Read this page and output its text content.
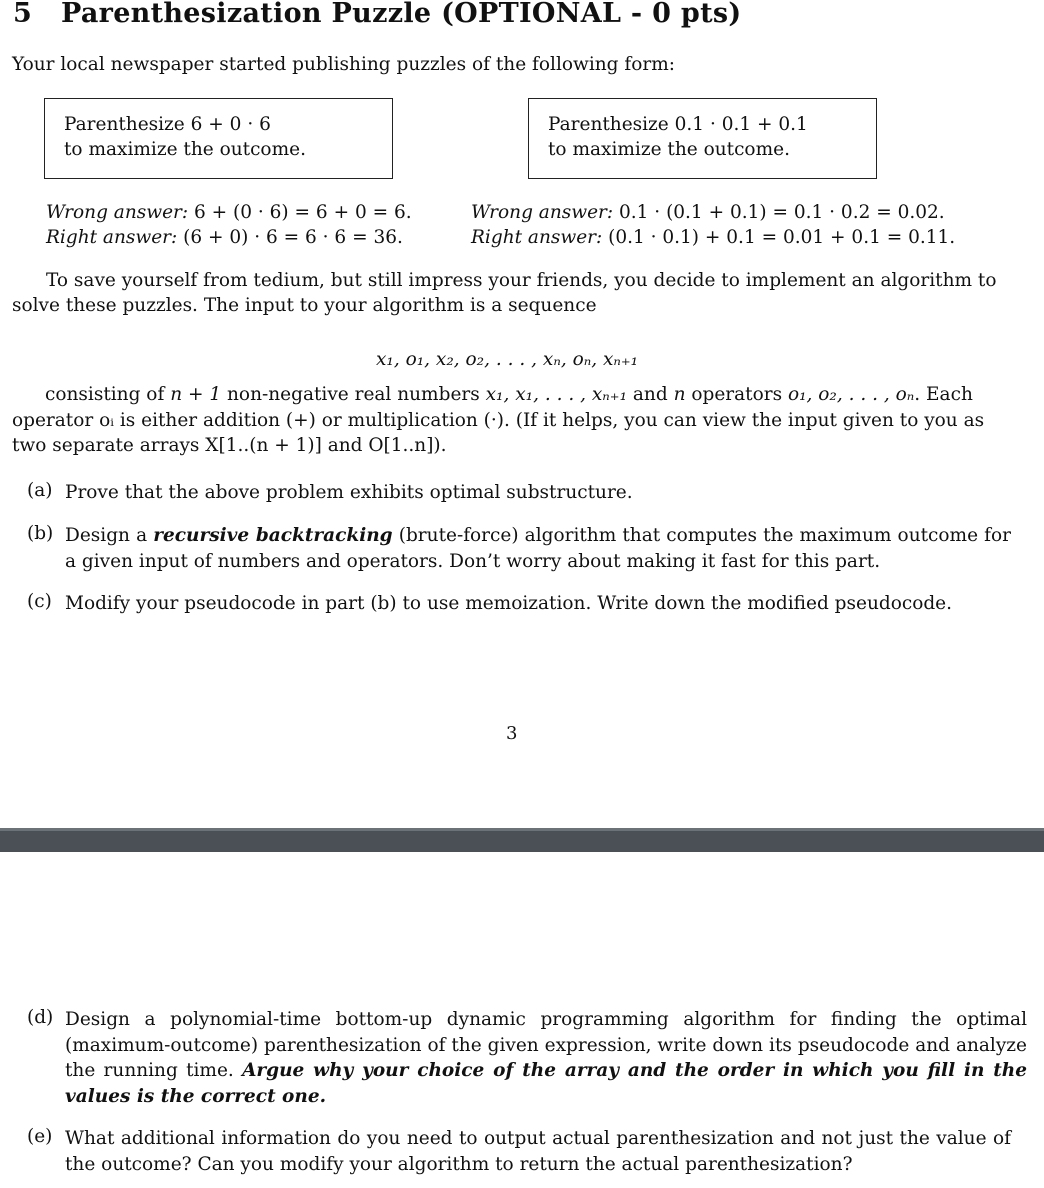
5 Parenthesization Puzzle (OPTIONAL - 0 pts)
Your local newspaper started publishing puzzles of the following form:
Parenthesize 6 + 0 · 6
to maximize the outcome.
Parenthesize 0.1 · 0.1 + 0.1
to maximize the outcome.
Wrong answer: 6 + (0 · 6) = 6 + 0 = 6.
Right answer: (6 + 0) · 6 = 6 · 6 = 36.
Wrong answer: 0.1 · (0.1 + 0.1) = 0.1 · 0.2 = 0.02.
Right answer: (0.1 · 0.1) + 0.1 = 0.01 + 0.1 = 0.11.
To save yourself from tedium, but still impress your friends, you decide to implement an algorithm to
solve these puzzles. The input to your algorithm is a sequence
x₁, o₁, x₂, o₂, . . . , xₙ, oₙ, xₙ₊₁
consisting of n + 1 non-negative real numbers x₁, x₁, . . . , xₙ₊₁ and n operators o₁, o₂, . . . , oₙ. Each
operator oᵢ is either addition (+) or multiplication (·). (If it helps, you can view the input given to you as
two separate arrays X[1..(n + 1)] and O[1..n]).
(a) Prove that the above problem exhibits optimal substructure.
(b) Design a recursive backtracking (brute-force) algorithm that computes the maximum outcome for a given input of numbers and operators. Don’t worry about making it fast for this part.
(c) Modify your pseudocode in part (b) to use memoization. Write down the modified pseudocode.
3
(d) Design a polynomial-time bottom-up dynamic programming algorithm for finding the optimal (maximum-outcome) parenthesization of the given expression, write down its pseudocode and analyze the running time. Argue why your choice of the array and the order in which you fill in the values is the correct one.
(e) What additional information do you need to output actual parenthesization and not just the value of the outcome? Can you modify your algorithm to return the actual parenthesization?
